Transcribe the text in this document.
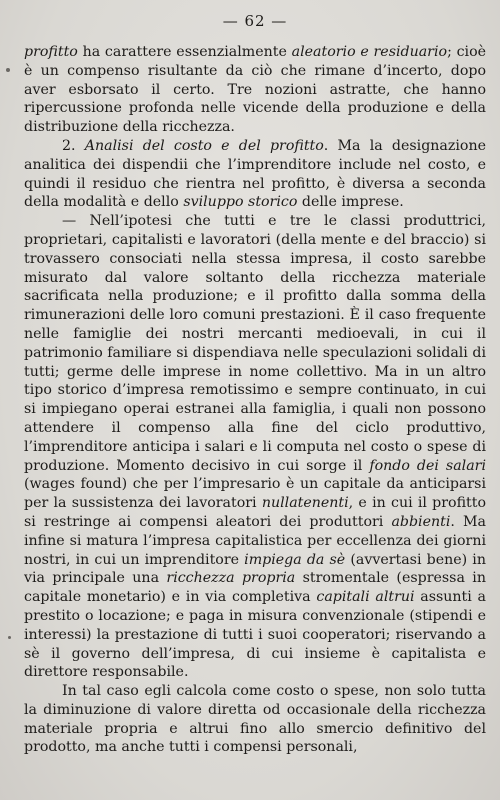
— 62 —

profitto ha carattere essenzialmente aleatorio e residuario; cioè è un compenso risultante da ciò che rimane d’incerto, dopo aver esborsato il certo. Tre nozioni astratte, che hanno ripercussione profonda nelle vicende della produzione e della distribuzione della ricchezza.

2. Analisi del costo e del profitto. Ma la designazione analitica dei dispendii che l’imprenditore include nel costo, e quindi il residuo che rientra nel profitto, è diversa a seconda della modalità e dello sviluppo storico delle imprese.

— Nell’ipotesi che tutti e tre le classi produttrici, proprietari, capitalisti e lavoratori (della mente e del braccio) si trovassero consociati nella stessa impresa, il costo sarebbe misurato dal valore soltanto della ricchezza materiale sacrificata nella produzione; e il profitto dalla somma della rimunerazioni delle loro comuni prestazioni. È il caso frequente nelle famiglie dei nostri mercanti medioevali, in cui il patrimonio familiare si dispendiava nelle speculazioni solidali di tutti; germe delle imprese in nome collettivo. Ma in un altro tipo storico d’impresa remotissimo e sempre continuato, in cui si impiegano operai estranei alla famiglia, i quali non possono attendere il compenso alla fine del ciclo produttivo, l’imprenditore anticipa i salari e li computa nel costo o spese di produzione. Momento decisivo in cui sorge il fondo dei salari (wages found) che per l’impresario è un capitale da anticiparsi per la sussistenza dei lavoratori nullatenenti, e in cui il profitto si restringe ai compensi aleatori dei produttori abbienti. Ma infine si matura l’impresa capitalistica per eccellenza dei giorni nostri, in cui un imprenditore impiega da sè (avvertasi bene) in via principale una ricchezza propria stromentale (espressa in capitale monetario) e in via completiva capitali altrui assunti a prestito o locazione; e paga in misura convenzionale (stipendi e interessi) la prestazione di tutti i suoi cooperatori; riservando a sè il governo dell’impresa, di cui insieme è capitalista e direttore responsabile.

In tal caso egli calcola come costo o spese, non solo tutta la diminuzione di valore diretta od occasionale della ricchezza materiale propria e altrui fino allo smercio definitivo del prodotto, ma anche tutti i compensi personali,
